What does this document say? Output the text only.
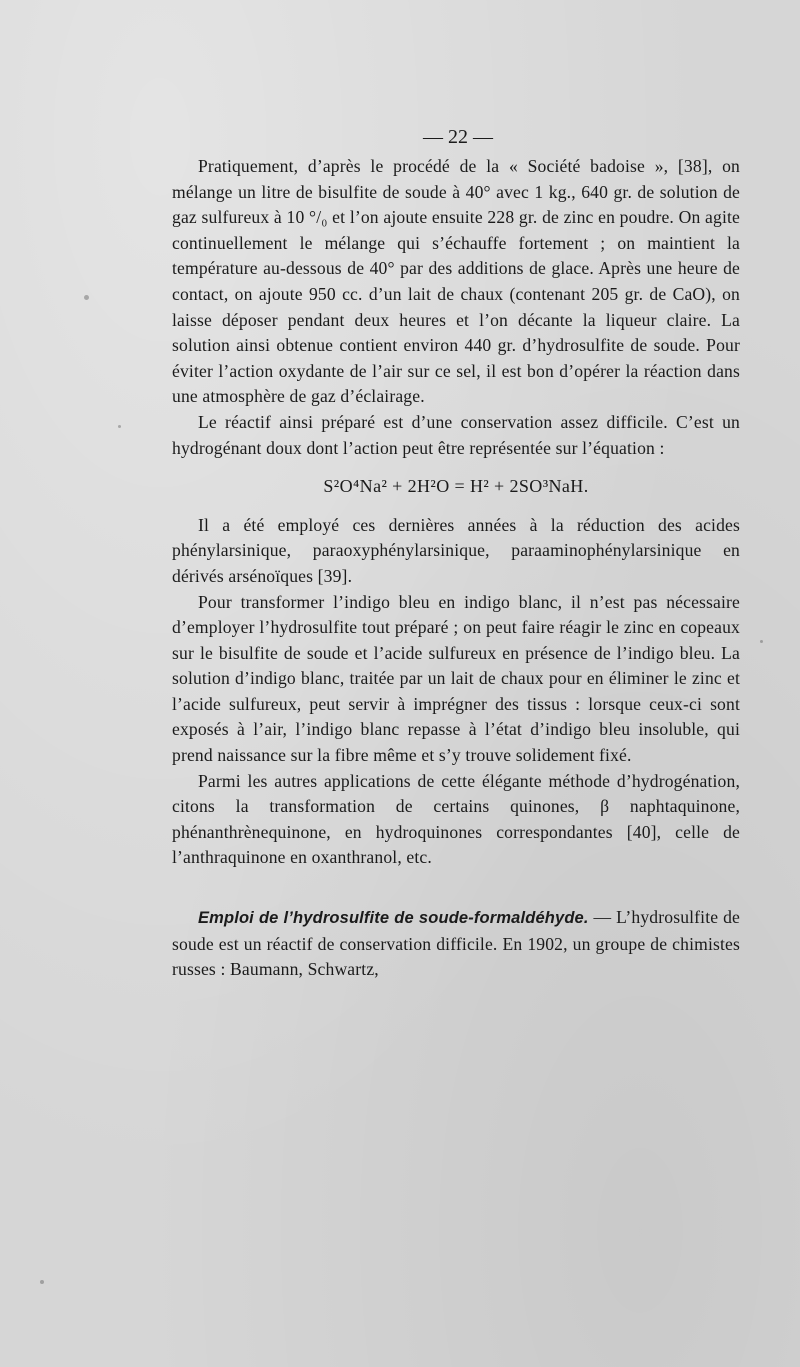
— 22 —
Pratiquement, d’après le procédé de la « Société badoise », [38], on mélange un litre de bisulfite de soude à 40° avec 1 kg., 640 gr. de solution de gaz sulfureux à 10 °/₀ et l’on ajoute ensuite 228 gr. de zinc en poudre. On agite continuellement le mélange qui s’échauffe fortement ; on maintient la température au-dessous de 40° par des additions de glace. Après une heure de contact, on ajoute 950 cc. d’un lait de chaux (contenant 205 gr. de CaO), on laisse déposer pendant deux heures et l’on décante la liqueur claire. La solution ainsi obtenue contient environ 440 gr. d’hydrosulfite de soude. Pour éviter l’action oxydante de l’air sur ce sel, il est bon d’opérer la réaction dans une atmosphère de gaz d’éclairage.
Le réactif ainsi préparé est d’une conservation assez difficile. C’est un hydrogénant doux dont l’action peut être représentée sur l’équation :
S²O⁴Na² + 2H²O = H² + 2SO³NaH.
Il a été employé ces dernières années à la réduction des acides phénylarsinique, paraoxyphénylarsinique, paraaminophénylarsinique en dérivés arsénoïques [39].
Pour transformer l’indigo bleu en indigo blanc, il n’est pas nécessaire d’employer l’hydrosulfite tout préparé ; on peut faire réagir le zinc en copeaux sur le bisulfite de soude et l’acide sulfureux en présence de l’indigo bleu. La solution d’indigo blanc, traitée par un lait de chaux pour en éliminer le zinc et l’acide sulfureux, peut servir à imprégner des tissus : lorsque ceux-ci sont exposés à l’air, l’indigo blanc repasse à l’état d’indigo bleu insoluble, qui prend naissance sur la fibre même et s’y trouve solidement fixé.
Parmi les autres applications de cette élégante méthode d’hydrogénation, citons la transformation de certains quinones, β naphtaquinone, phénanthrènequinone, en hydroquinones correspondantes [40], celle de l’anthraquinone en oxanthranol, etc.
Emploi de l’hydrosulfite de soude-formaldéhyde. — L’hydrosulfite de soude est un réactif de conservation difficile. En 1902, un groupe de chimistes russes : Baumann, Schwartz,
